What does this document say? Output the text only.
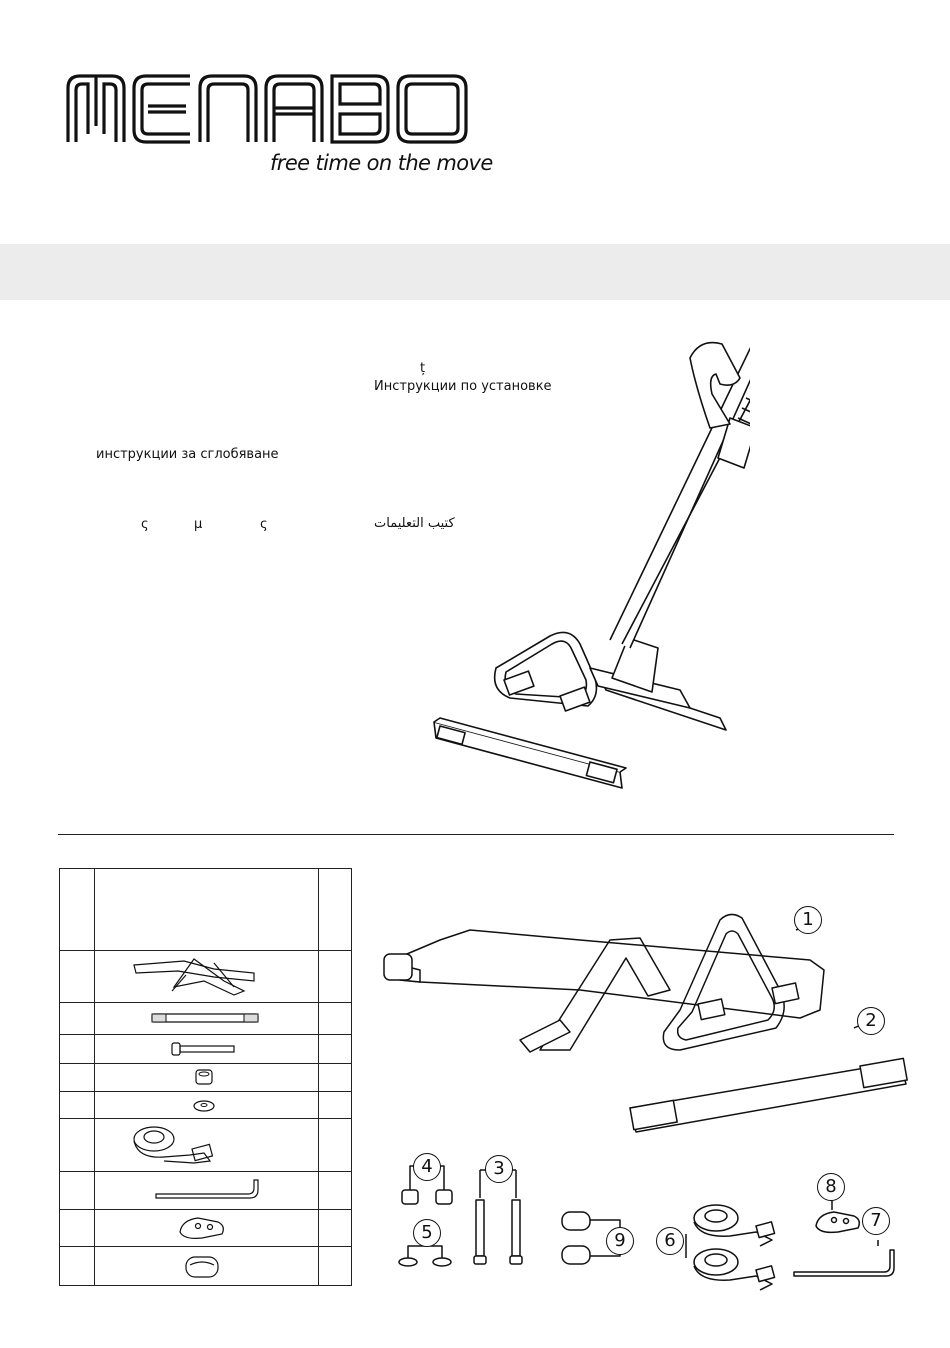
free time on the move
ț
Инструкции по установке
инструкции за сглобяване
ς	μ	ς	كتيب التعليمات
1
2
3
4
5	6
7
8
9
